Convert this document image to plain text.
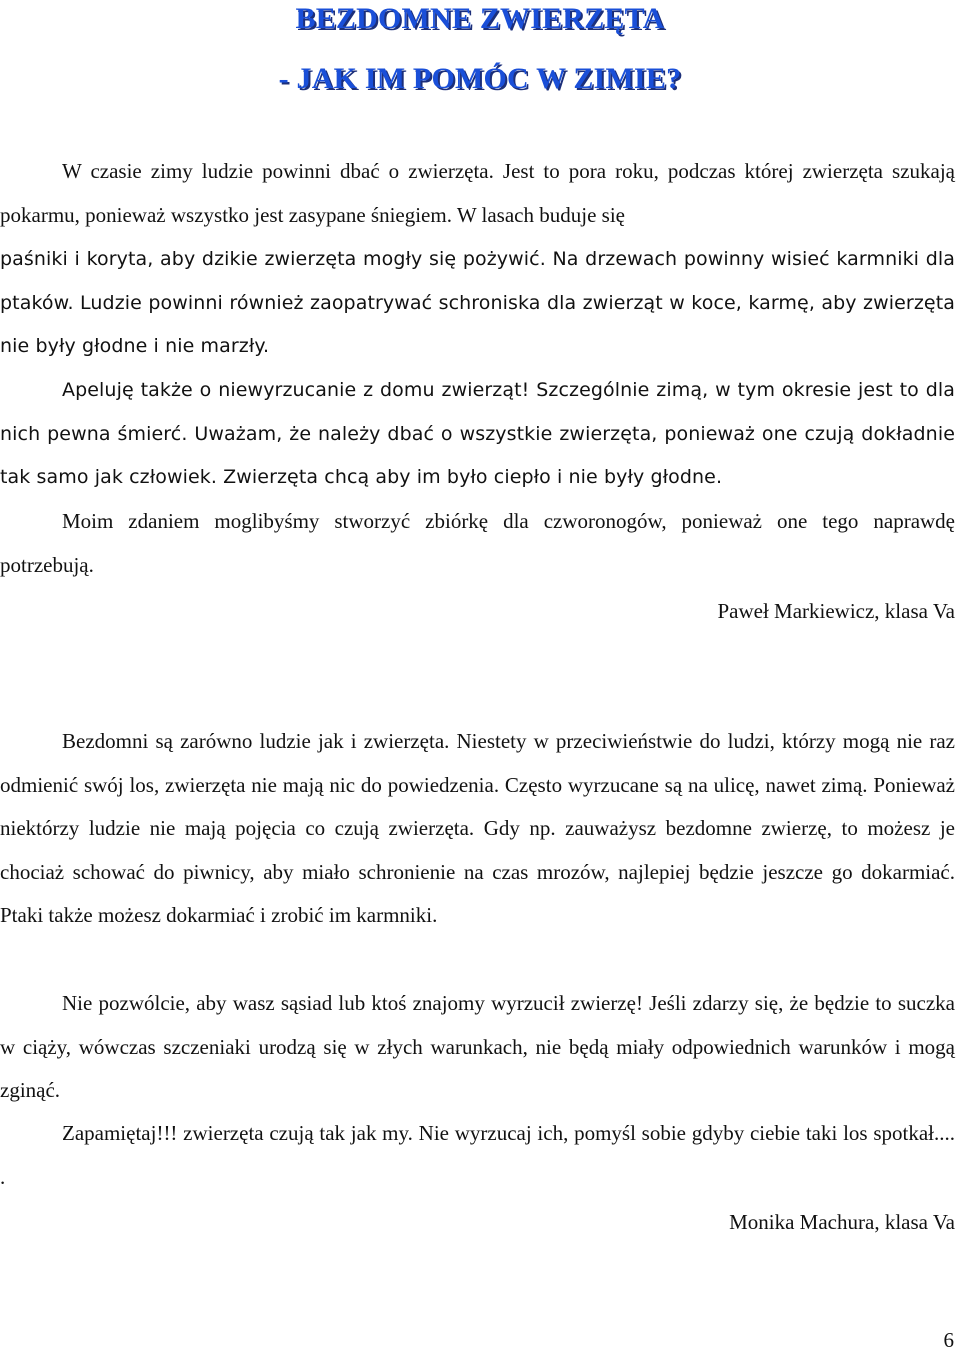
BEZDOMNE ZWIERZĘTA
- JAK IM POMÓC W ZIMIE?

W czasie zimy ludzie powinni dbać o zwierzęta. Jest to pora roku, podczas której zwierzęta szukają pokarmu, ponieważ wszystko jest zasypane śniegiem. W lasach buduje się

paśniki i koryta, aby dzikie zwierzęta mogły się pożywić. Na drzewach powinny wisieć karmniki dla ptaków. Ludzie powinni również zaopatrywać schroniska dla zwierząt w koce, karmę, aby zwierzęta nie były głodne i nie marzły.

Apeluję także o niewyrzucanie z domu zwierząt! Szczególnie zimą, w tym okresie jest to dla nich pewna śmierć. Uważam, że należy dbać o wszystkie zwierzęta, ponieważ one czują dokładnie tak samo jak człowiek. Zwierzęta chcą aby im było ciepło i nie były głodne.

Moim zdaniem moglibyśmy stworzyć zbiórkę dla czworonogów, ponieważ one tego naprawdę potrzebują.

Paweł Markiewicz, klasa Va

Bezdomni są zarówno ludzie jak i zwierzęta. Niestety w przeciwieństwie do ludzi, którzy mogą nie raz odmienić swój los, zwierzęta nie mają nic do powiedzenia. Często wyrzucane są na ulicę, nawet zimą. Ponieważ niektórzy ludzie nie mają pojęcia co czują zwierzęta. Gdy np. zauważysz bezdomne zwierzę, to możesz je chociaż schować do piwnicy, aby miało schronienie na czas mrozów, najlepiej będzie jeszcze go dokarmiać. Ptaki także możesz dokarmiać i zrobić im karmniki.

Nie pozwólcie, aby wasz sąsiad lub ktoś znajomy wyrzucił zwierzę! Jeśli zdarzy się, że będzie to suczka w ciąży, wówczas szczeniaki urodzą się w złych warunkach, nie będą miały odpowiednich warunków i mogą zginąć.

Zapamiętaj!!! zwierzęta czują tak jak my. Nie wyrzucaj ich, pomyśl sobie gdyby ciebie taki los spotkał.... .

Monika Machura, klasa Va
6
